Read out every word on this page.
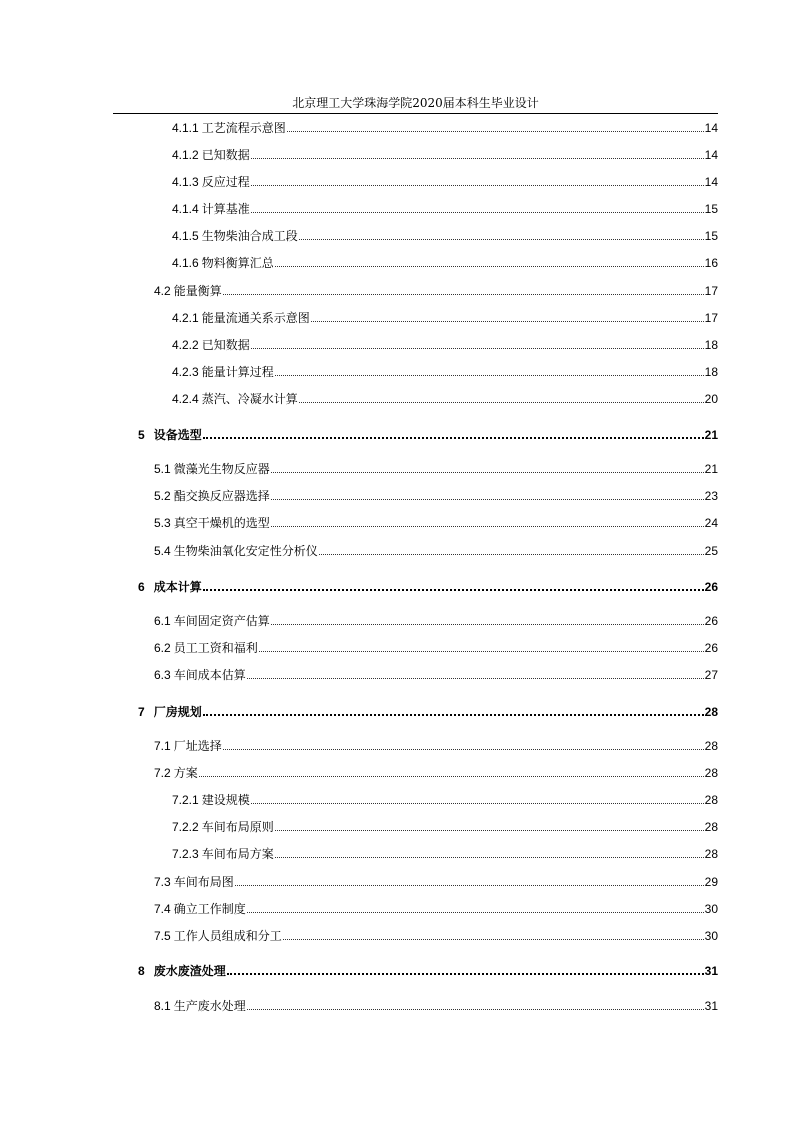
北京理工大学珠海学院2020届本科生毕业设计
4.1.1 工艺流程示意图	14
4.1.2 已知数据	14
4.1.3 反应过程	14
4.1.4 计算基准	15
4.1.5 生物柴油合成工段	15
4.1.6 物料衡算汇总	16
4.2 能量衡算	17
4.2.1 能量流通关系示意图	17
4.2.2 已知数据	18
4.2.3 能量计算过程	18
4.2.4 蒸汽、冷凝水计算	20
5 设备选型	21
5.1 微藻光生物反应器	21
5.2 酯交换反应器选择	23
5.3 真空干燥机的选型	24
5.4 生物柴油氧化安定性分析仪	25
6 成本计算	26
6.1 车间固定资产估算	26
6.2 员工工资和福利	26
6.3 车间成本估算	27
7 厂房规划	28
7.1 厂址选择	28
7.2 方案	28
7.2.1 建设规模	28
7.2.2 车间布局原则	28
7.2.3 车间布局方案	28
7.3 车间布局图	29
7.4 确立工作制度	30
7.5 工作人员组成和分工	30
8 废水废渣处理	31
8.1 生产废水处理	31
